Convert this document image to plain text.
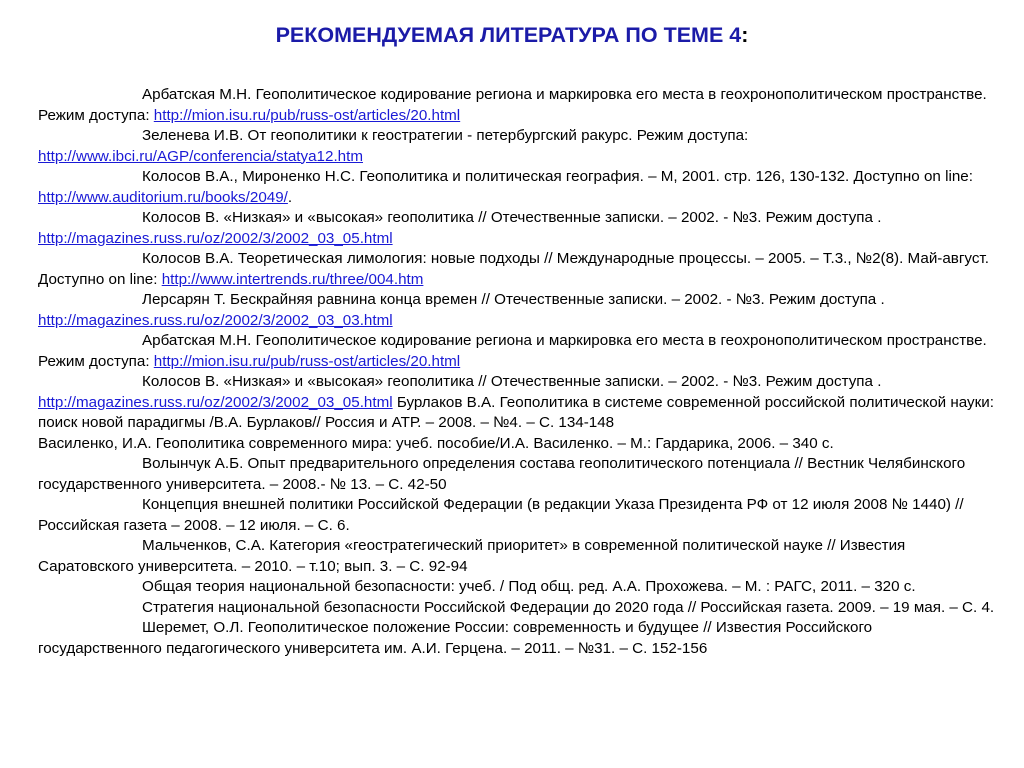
РЕКОМЕНДУЕМАЯ ЛИТЕРАТУРА ПО ТЕМЕ 4:

Арбатская М.Н. Геополитическое кодирование региона и маркировка его места в геохронополитическом пространстве. Режим доступа: http://mion.isu.ru/pub/russ-ost/articles/20.html

Зеленева И.В. От геополитики к геостратегии - петербургский ракурс. Режим доступа: http://www.ibci.ru/AGP/conferencia/statya12.htm

Колосов В.А., Мироненко Н.С. Геополитика и политическая география. – М, 2001. стр. 126, 130-132. Доступно on line: http://www.auditorium.ru/books/2049/.

Колосов В. «Низкая» и «высокая» геополитика // Отечественные записки. – 2002. - №3. Режим доступа . http://magazines.russ.ru/oz/2002/3/2002_03_05.html

Колосов В.А. Теоретическая лимология: новые подходы // Международные процессы. – 2005. – Т.3., №2(8). Май-август. Доступно on line: http://www.intertrends.ru/three/004.htm

Лерсарян Т. Бескрайняя равнина конца времен // Отечественные записки. – 2002. - №3. Режим доступа . http://magazines.russ.ru/oz/2002/3/2002_03_03.html

Арбатская М.Н. Геополитическое кодирование региона и маркировка его места в геохронополитическом пространстве. Режим доступа: http://mion.isu.ru/pub/russ-ost/articles/20.html

Колосов В. «Низкая» и «высокая» геополитика // Отечественные записки. – 2002. - №3. Режим доступа . http://magazines.russ.ru/oz/2002/3/2002_03_05.html Бурлаков В.А. Геополитика в системе современной российской политической науки: поиск новой парадигмы /В.А. Бурлаков// Россия и АТР. – 2008. – №4. – С. 134-148

Василенко, И.А. Геополитика современного мира: учеб. пособие/И.А. Василенко. – М.: Гардарика, 2006. – 340 с.

Волынчук А.Б. Опыт предварительного определения состава геополитического потенциала // Вестник Челябинского государственного университета. – 2008.- № 13. – С. 42-50

Концепция внешней политики Российской Федерации (в редакции Указа Президента РФ от 12 июля 2008 № 1440) // Российская газета – 2008. – 12 июля. – С. 6.

Мальченков, С.А. Категория «геостратегический приоритет» в современной политической науке // Известия Саратовского университета. – 2010. – т.10; вып. 3. – С. 92-94

Общая теория национальной безопасности: учеб. / Под общ. ред. А.А. Прохожева. – М. : РАГС, 2011. – 320 с.

Стратегия национальной безопасности Российской Федерации до 2020 года // Российская газета. 2009. – 19 мая. – С. 4.

Шеремет, О.Л. Геополитическое положение России: современность и будущее // Известия Российского государственного педагогического университета им. А.И. Герцена. – 2011. – №31. – С. 152-156
